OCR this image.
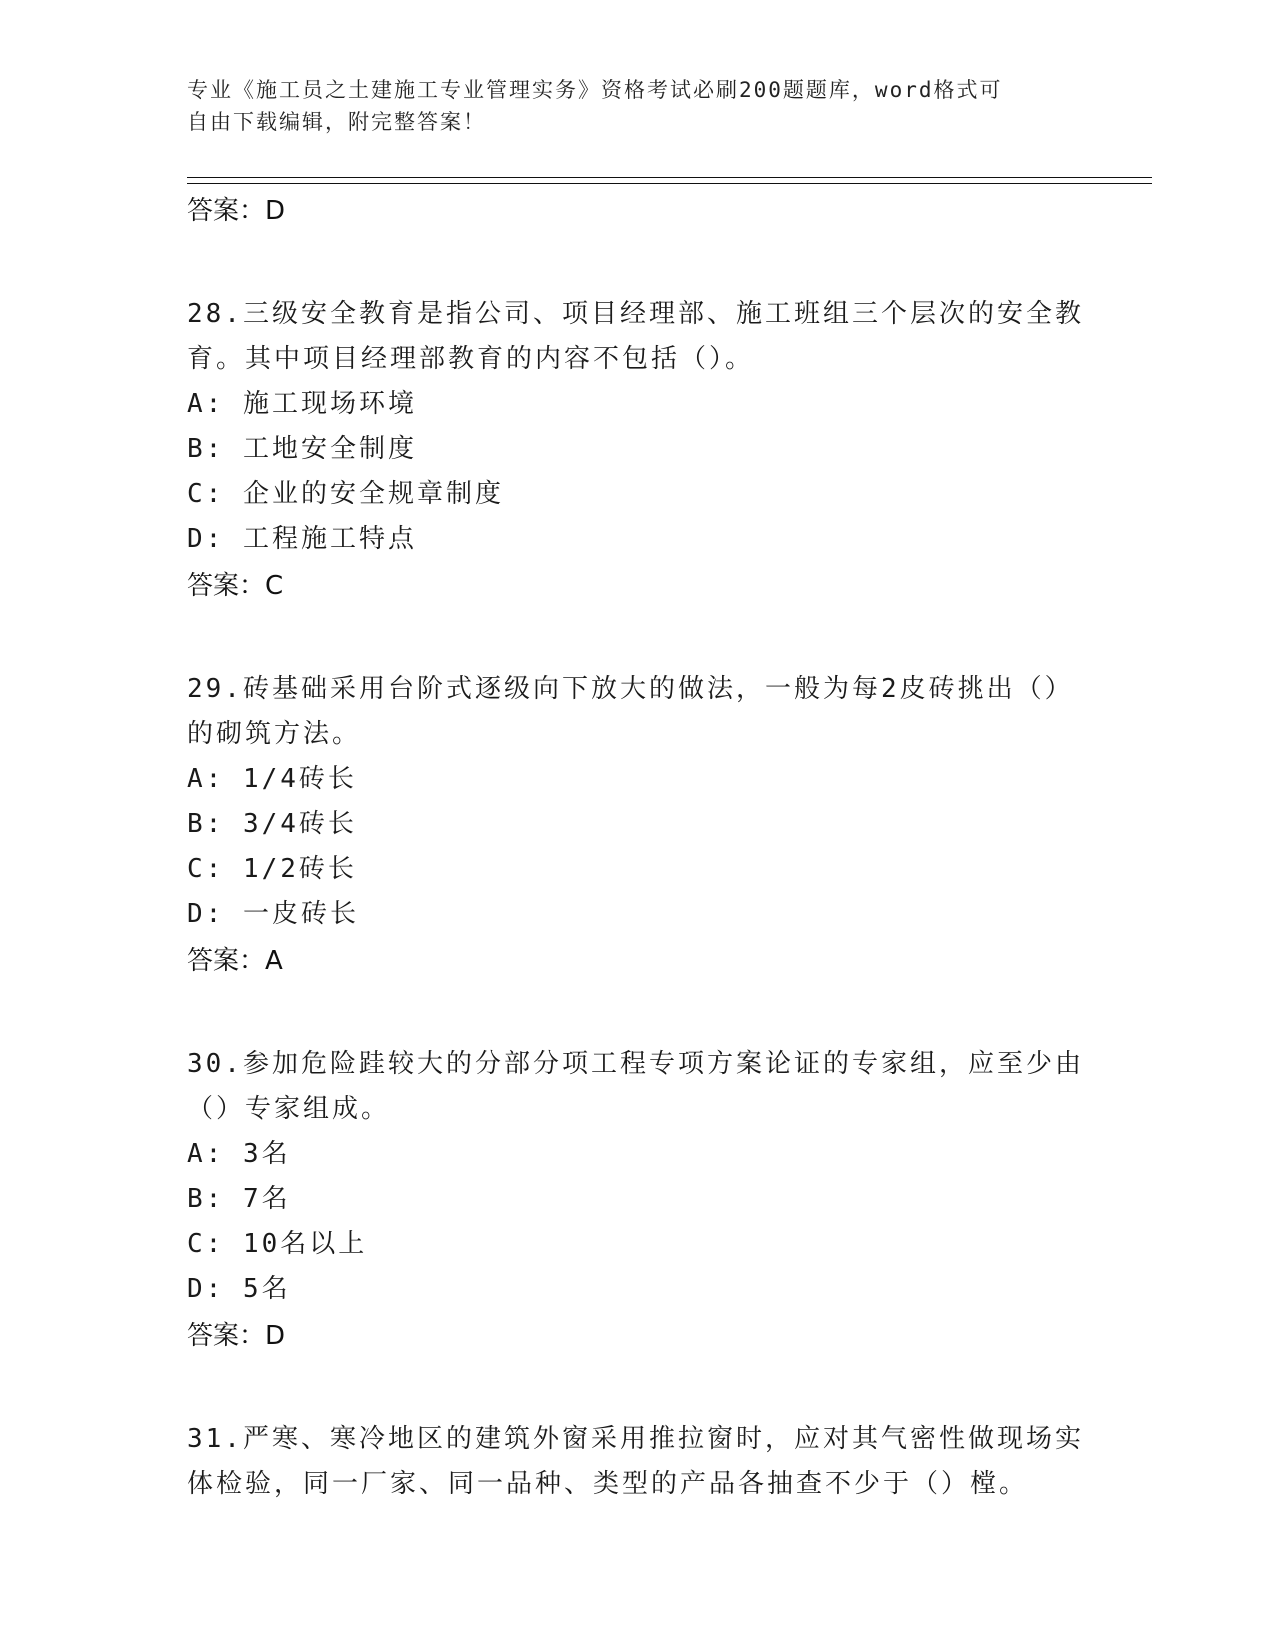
专业《施工员之土建施工专业管理实务》资格考试必刷200题题库，word格式可
自由下载编辑，附完整答案！
答案：D
28.三级安全教育是指公司、项目经理部、施工班组三个层次的安全教
育。其中项目经理部教育的内容不包括（）。
A: 施工现场环境
B: 工地安全制度
C: 企业的安全规章制度
D: 工程施工特点
答案：C
29.砖基础采用台阶式逐级向下放大的做法，一般为每2皮砖挑出（）
的砌筑方法。
A: 1/4砖长
B: 3/4砖长
C: 1/2砖长
D: 一皮砖长
答案：A
30.参加危险跬较大的分部分项工程专项方案论证的专家组，应至少由
（）专家组成。
A: 3名
B: 7名
C: 10名以上
D: 5名
答案：D
31.严寒、寒冷地区的建筑外窗采用推拉窗时，应对其气密性做现场实
体检验，同一厂家、同一品种、类型的产品各抽查不少于（）樘。
